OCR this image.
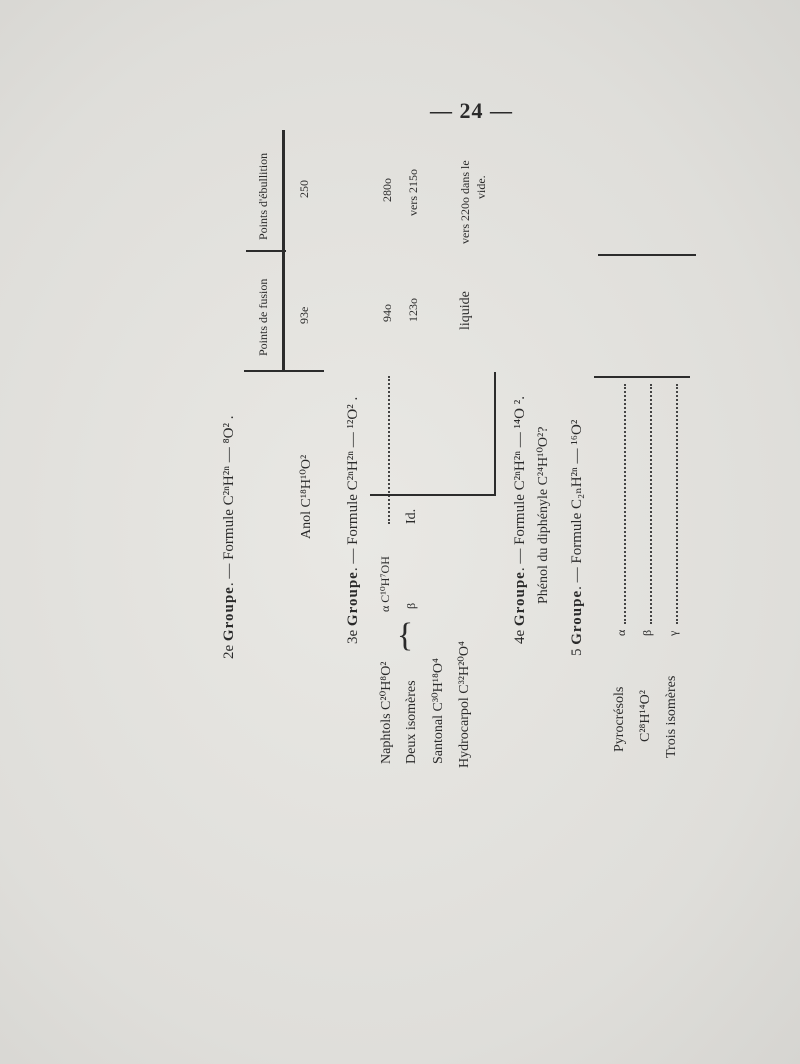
— 24 —
Points de fusion
Points d'ébullition
2e Groupe. — Formule C²ⁿH²ⁿ — ⁸O² .	Anol C¹⁸H¹⁰O²
93e
250
3e Groupe. — Formule C²ⁿH²ⁿ — ¹²O² .
Naphtols C²⁰H⁸O²
{
α C¹⁰H⁷OH
94o
280o
Deux isomères
β
Id.
123o
vers 215o
Santonal C³⁰H¹⁸O⁴ Hydrocarpol C³²H²⁰O⁴
liquide
vers 220o dans le vide.
4e Groupe. — Formule C²ⁿH²ⁿ — ¹⁴O ². Phénol du diphényle C²⁴H¹⁰O²?
5 Groupe. — Formule C₂ₙH²ⁿ — ¹⁶O²
Pyrocrésols
α
C²⁸H¹⁴O²
β
Trois isomères
γ
